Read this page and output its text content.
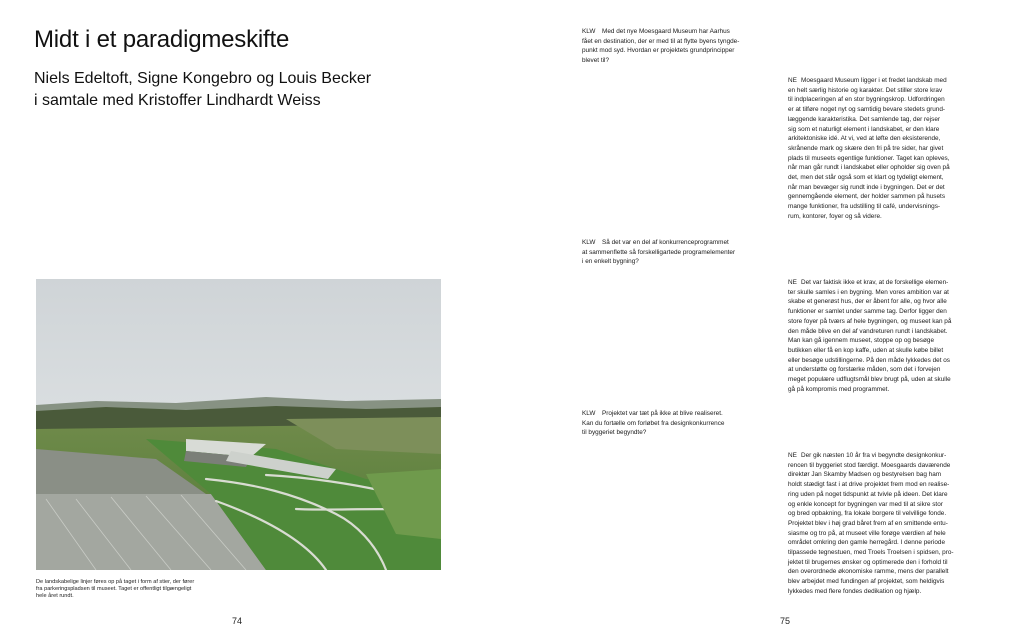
Midt i et paradigmeskifte
Niels Edeltoft, Signe Kongebro og Louis Becker
i samtale med Kristoffer Lindhardt Weiss
De landskabelige linjer føres op på taget i form af stier, der fører
fra parkeringspladsen til museet. Taget er offentligt tilgængeligt
hele året rundt.
74
KLW Med det nye Moesgaard Museum har Aarhus
fået en destination, der er med til at flytte byens tyngde-
punkt mod syd. Hvordan er projektets grundprincipper
blevet til?
NE Moesgaard Museum ligger i et fredet landskab med
en helt særlig historie og karakter. Det stiller store krav
til indplaceringen af en stor bygningskrop. Udfordringen
er at tilføre noget nyt og samtidig bevare stedets grund-
læggende karakteristika. Det samlende tag, der rejser
sig som et naturligt element i landskabet, er den klare
arkitektoniske idé. At vi, ved at løfte den eksisterende,
skrånende mark og skære den fri på tre sider, har givet
plads til museets egentlige funktioner. Taget kan opleves,
når man går rundt i landskabet eller opholder sig oven på
det, men det står også som et klart og tydeligt element,
når man bevæger sig rundt inde i bygningen. Det er det
gennemgående element, der holder sammen på husets
mange funktioner, fra udstilling til café, undervisnings-
rum, kontorer, foyer og så videre.
KLW Så det var en del af konkurrenceprogrammet
at sammenflette så forskelligartede programelementer
i en enkelt bygning?
NE Det var faktisk ikke et krav, at de forskellige elemen-
ter skulle samles i en bygning. Men vores ambition var at
skabe et generøst hus, der er åbent for alle, og hvor alle
funktioner er samlet under samme tag. Derfor ligger den
store foyer på tværs af hele bygningen, og museet kan på
den måde blive en del af vandreturen rundt i landskabet.
Man kan gå igennem museet, stoppe op og besøge
butikken eller få en kop kaffe, uden at skulle købe billet
eller besøge udstillingerne. På den måde lykkedes det os
at understøtte og forstærke måden, som det i forvejen
meget populære udflugtsmål blev brugt på, uden at skulle
gå på kompromis med programmet.
KLW Projektet var tæt på ikke at blive realiseret.
Kan du fortælle om forløbet fra designkonkurrence
til byggeriet begyndte?
NE Der gik næsten 10 år fra vi begyndte designkonkur-
rencen til byggeriet stod færdigt. Moesgaards daværende
direktør Jan Skamby Madsen og bestyrelsen bag ham
holdt stædigt fast i at drive projektet frem mod en realise-
ring uden på noget tidspunkt at tvivle på ideen. Det klare
og enkle koncept for bygningen var med til at sikre stor
og bred opbakning, fra lokale borgere til velvillige fonde.
Projektet blev i høj grad båret frem af en smittende entu-
siasme og tro på, at museet ville forøge værdien af hele
området omkring den gamle herregård. I denne periode
tilpassede tegnestuen, med Troels Troelsen i spidsen, pro-
jektet til brugernes ønsker og optimerede den i forhold til
den overordnede økonomiske ramme, mens der parallelt
blev arbejdet med fundingen af projektet, som heldigvis
lykkedes med flere fondes dedikation og hjælp.
75
